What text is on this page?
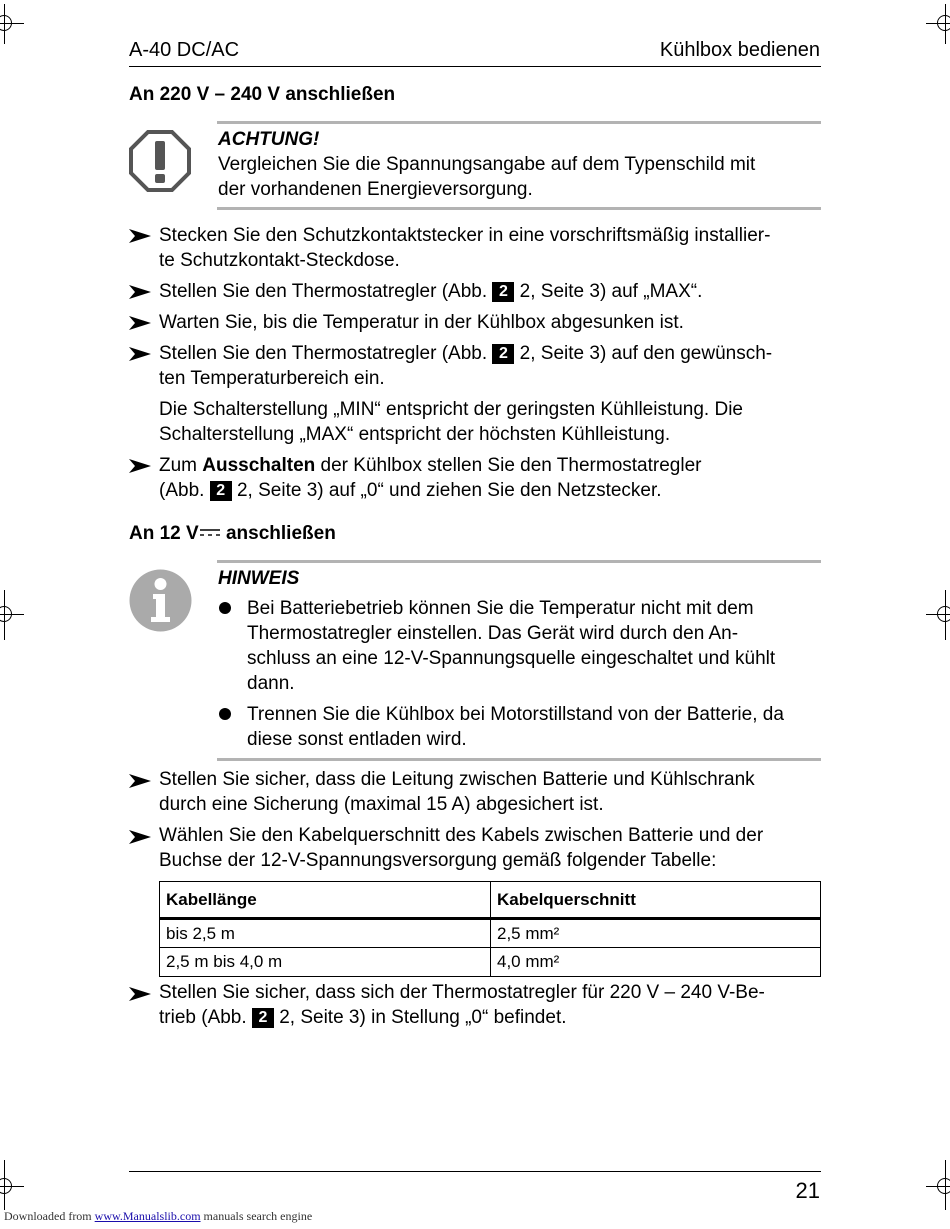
A-40 DC/AC	Kühlbox bedienen
An 220 V – 240 V anschließen
ACHTUNG!
Vergleichen Sie die Spannungsangabe auf dem Typenschild mit
der vorhandenen Energieversorgung.
Stecken Sie den Schutzkontaktstecker in eine vorschriftsmäßig installier-
te Schutzkontakt-Steckdose.
Stellen Sie den Thermostatregler (Abb. 2 2, Seite 3) auf „MAX“.
Warten Sie, bis die Temperatur in der Kühlbox abgesunken ist.
Stellen Sie den Thermostatregler (Abb. 2 2, Seite 3) auf den gewünsch-
ten Temperaturbereich ein.
Die Schalterstellung „MIN“ entspricht der geringsten Kühlleistung. Die
Schalterstellung „MAX“ entspricht der höchsten Kühlleistung.
Zum Ausschalten der Kühlbox stellen Sie den Thermostatregler
(Abb. 2 2, Seite 3) auf „0“ und ziehen Sie den Netzstecker.
An 12 V anschließen
HINWEIS
Bei Batteriebetrieb können Sie die Temperatur nicht mit dem
Thermostatregler einstellen. Das Gerät wird durch den An-
schluss an eine 12-V-Spannungsquelle eingeschaltet und kühlt
dann.
Trennen Sie die Kühlbox bei Motorstillstand von der Batterie, da
diese sonst entladen wird.
Stellen Sie sicher, dass die Leitung zwischen Batterie und Kühlschrank
durch eine Sicherung (maximal 15 A) abgesichert ist.
Wählen Sie den Kabelquerschnitt des Kabels zwischen Batterie und der
Buchse der 12-V-Spannungsversorgung gemäß folgender Tabelle:
Kabellänge	Kabelquerschnitt
bis 2,5 m	2,5 mm²
2,5 m bis 4,0 m	4,0 mm²
Stellen Sie sicher, dass sich der Thermostatregler für 220 V – 240 V-Be-
trieb (Abb. 2 2, Seite 3) in Stellung „0“ befindet.
21
Downloaded from www.Manualslib.com manuals search engine
